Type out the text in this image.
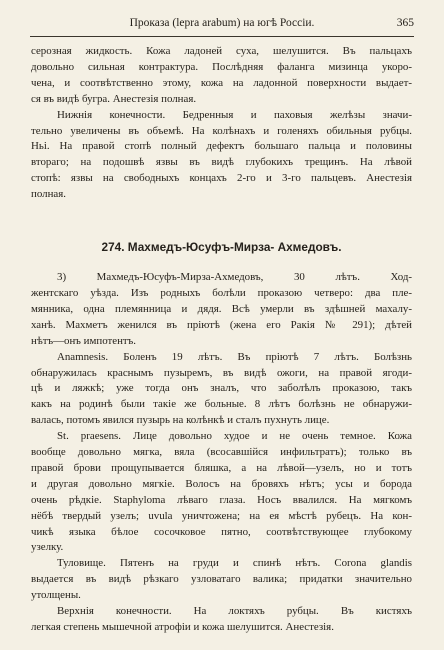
Проказа (lepra arabum) на югѣ Россіи.	365
серозная жидкость. Кожа ладоней суха, шелушится. Въ пальцахъ
довольно сильная контрактура. Послѣдняя фаланга мизинца укоро-
чена, и соотвѣтственно этому, кожа на ладонной поверхности выдает-
ся въ видѣ бугра. Анестезія полная.
Нижнія конечности. Бедренныя и паховыя желѣзы значи-
тельно увеличены въ объемѣ. На колѣнахъ и голеняхъ обильныя рубцы.
Ньі. На правой стопѣ полный дефектъ большаго пальца и половины
втораго; на подошвѣ язвы въ видѣ глубокихъ трещинъ. На лѣвой
стопѣ: язвы на свободныхъ концахъ 2-го и 3-го пальцевъ. Анестезія
полная.
274. Махмедъ-Юсуфъ-Мирза- Ахмедовъ.
3) Махмедъ-Юсуфъ-Мирза-Ахмедовъ, 30 лѣтъ. Ход-
жентскаго уѣзда. Изъ родныхъ болѣли проказою четверо: два пле-
мянника, одна племянница и дядя. Всѣ умерли въ здѣшней махалу-
ханѣ. Махметъ женился въ пріютѣ (жена его Ракія № 291); дѣтей
нѣтъ—онъ импотентъ.
Anamnesis. Боленъ 19 лѣтъ. Въ пріютѣ 7 лѣтъ. Болѣзнь
обнаружилась краснымъ пузыремъ, въ видѣ ожоги, на правой ягоди-
цѣ и ляжкѣ; уже тогда онъ зналъ, что заболѣлъ проказою, такъ
какъ на родинѣ были такіе же больные. 8 лѣтъ болѣзнь не обнаружи-
валась, потомъ явился пузырь на колѣнкѣ и сталъ пухнуть лице.
St. praesens. Лице довольно худое и не очень темное. Кожа
вообще довольно мягка, вяла (всосавшійся инфильтратъ); только въ
правой брови прощупывается бляшка, а на лѣвой—узелъ, но и тотъ
и другая довольно мягкіе. Волосъ на бровяхъ нѣтъ; усы и борода
очень рѣдкіе. Staphyloma лѣваго глаза. Носъ ввалился. На мягкомъ
нёбѣ твердый узелъ; uvula уничтожена; на ея мѣстѣ рубецъ. На кон-
чикѣ языка бѣлое сосочковое пятно, соотвѣтствующее глубокому
узелку.
Туловище. Пятенъ на груди и спинѣ нѣтъ. Corona glandis
выдается въ видѣ рѣзкаго узловатаго валика; придатки значительно
утолщены.
Верхнія конечности. На локтяхъ рубцы. Въ кистяхъ
легкая степень мышечной атрофіи и кожа шелушится. Анестезія.
